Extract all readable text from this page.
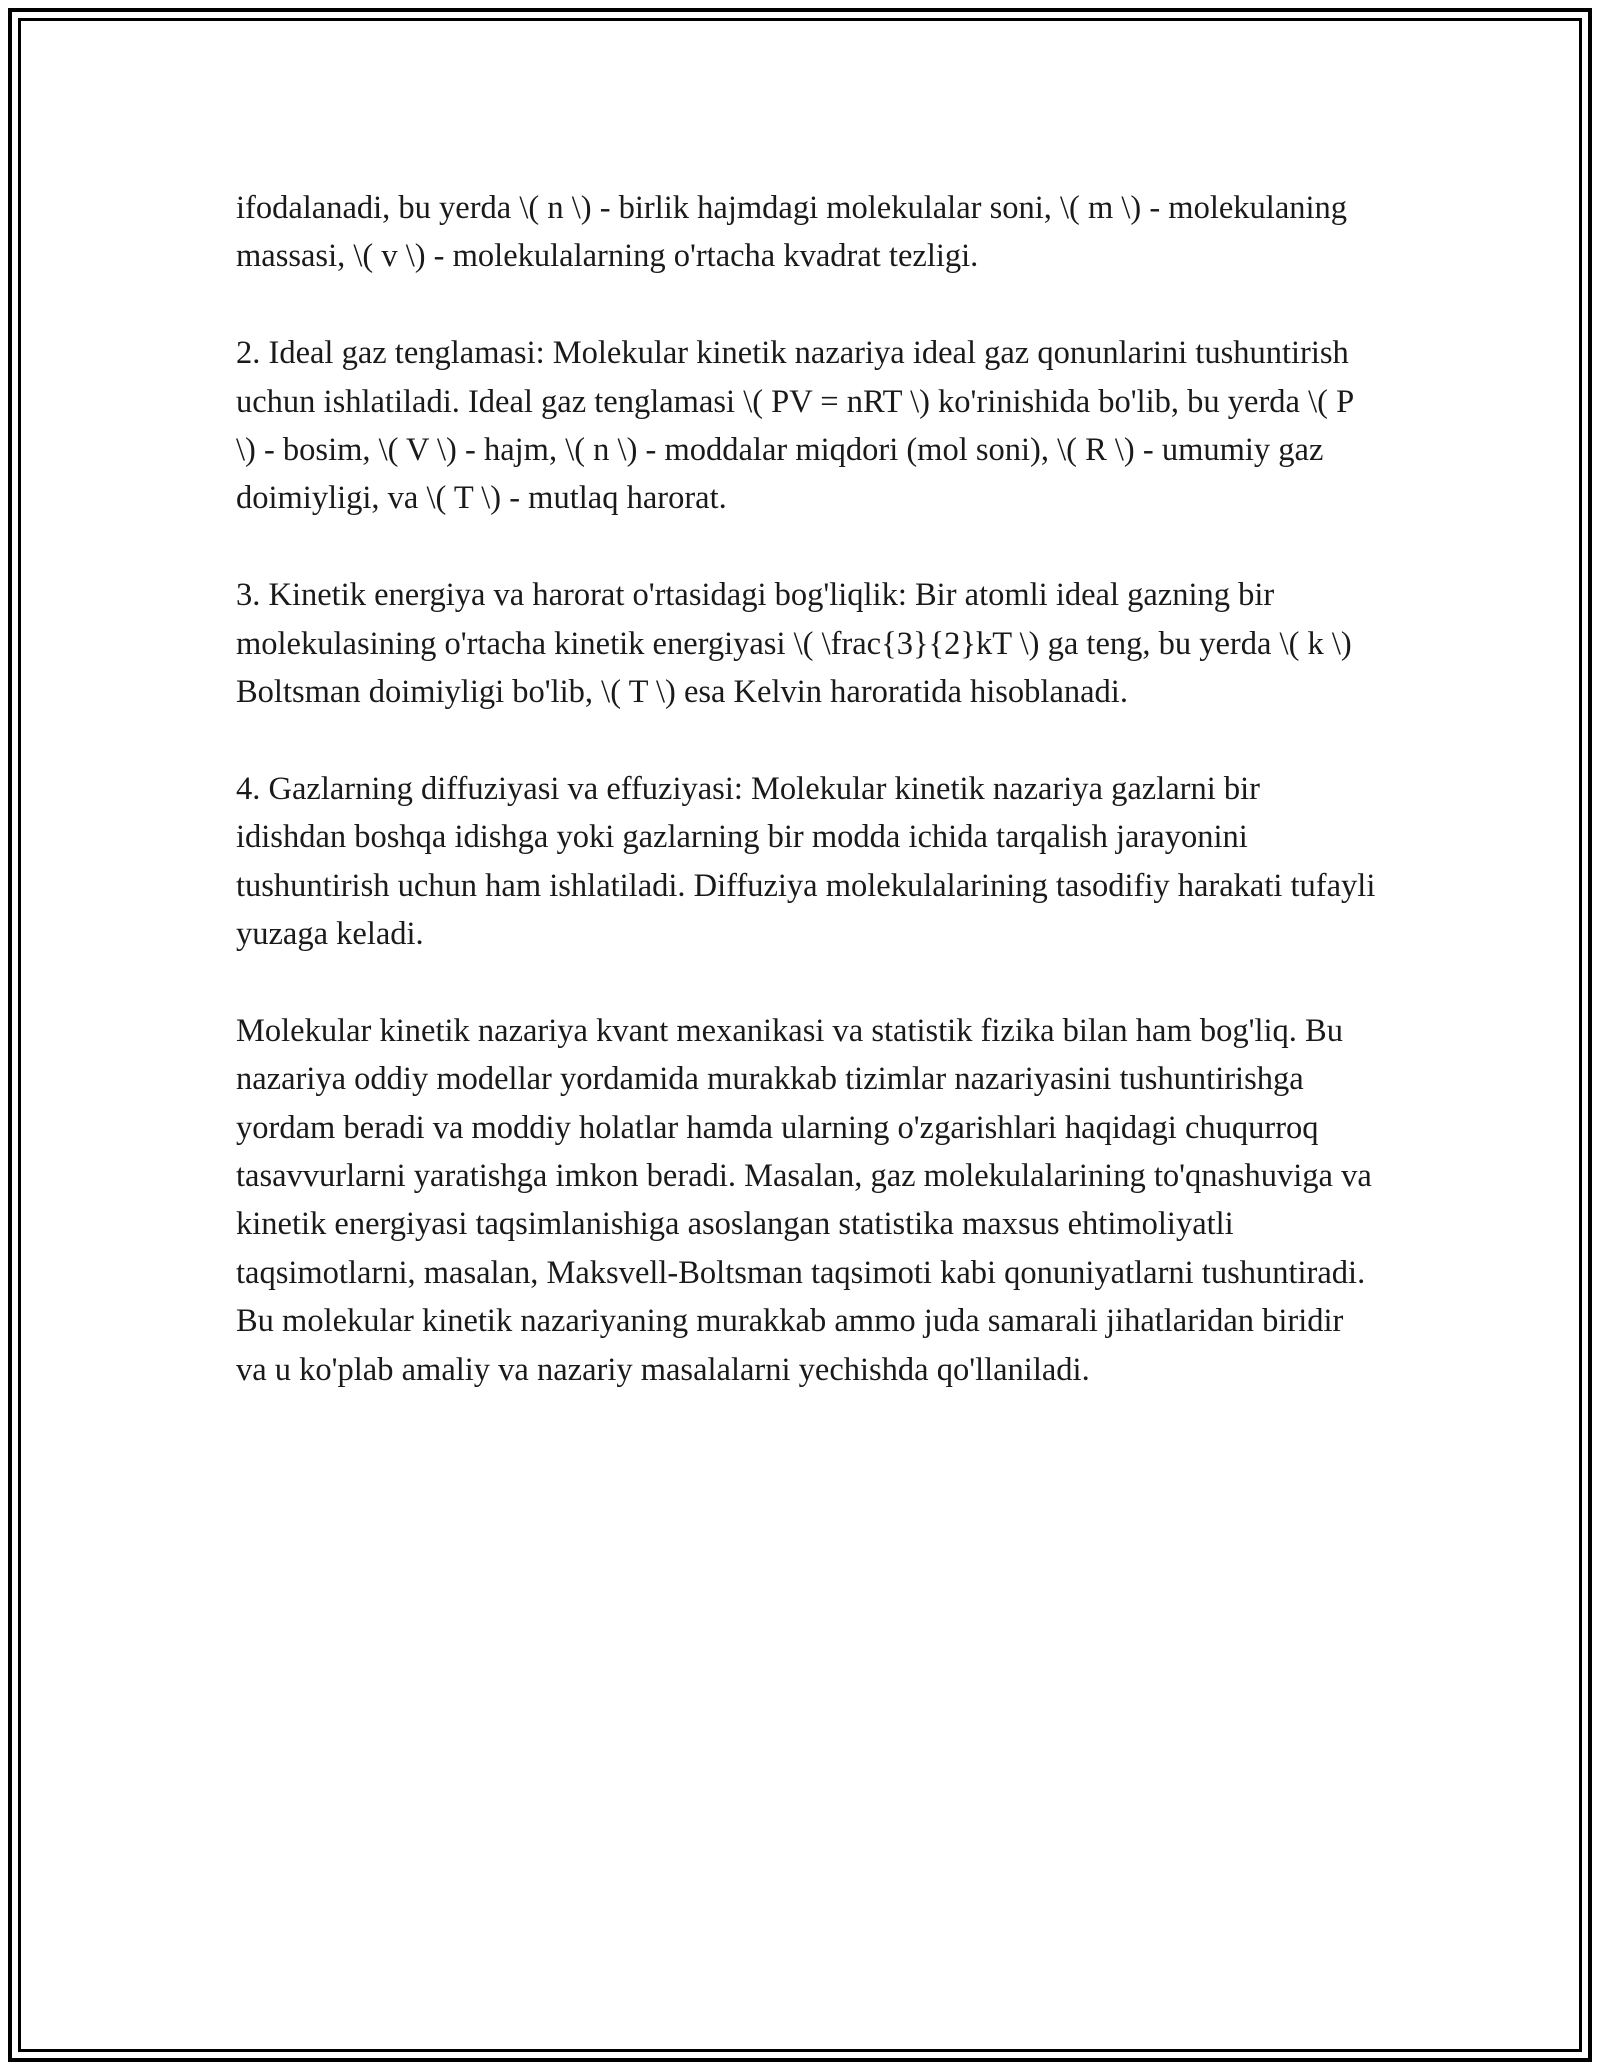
ifodalanadi, bu yerda \( n \) - birlik hajmdagi molekulalar soni, \( m \) - molekulaning massasi, \( v \) - molekulalarning o'rtacha kvadrat tezligi.

2. Ideal gaz tenglamasi: Molekular kinetik nazariya ideal gaz qonunlarini tushuntirish uchun ishlatiladi. Ideal gaz tenglamasi \( PV = nRT \) ko'rinishida bo'lib, bu yerda \( P \) - bosim, \( V \) - hajm, \( n \) - moddalar miqdori (mol soni), \( R \) - umumiy gaz doimiyligi, va \( T \) - mutlaq harorat.

3. Kinetik energiya va harorat o'rtasidagi bog'liqlik: Bir atomli ideal gazning bir molekulasining o'rtacha kinetik energiyasi \( \frac{3}{2}kT \) ga teng, bu yerda \( k \) Boltsman doimiyligi bo'lib, \( T \) esa Kelvin haroratida hisoblanadi.

4. Gazlarning diffuziyasi va effuziyasi: Molekular kinetik nazariya gazlarni bir idishdan boshqa idishga yoki gazlarning bir modda ichida tarqalish jarayonini tushuntirish uchun ham ishlatiladi. Diffuziya molekulalarining tasodifiy harakati tufayli yuzaga keladi.

Molekular kinetik nazariya kvant mexanikasi va statistik fizika bilan ham bog'liq. Bu nazariya oddiy modellar yordamida murakkab tizimlar nazariyasini tushuntirishga yordam beradi va moddiy holatlar hamda ularning o'zgarishlari haqidagi chuqurroq tasavvurlarni yaratishga imkon beradi. Masalan, gaz molekulalarining to'qnashuviga va kinetik energiyasi taqsimlanishiga asoslangan statistika maxsus ehtimoliyatli taqsimotlarni, masalan, Maksvell-Boltsman taqsimoti kabi qonuniyatlarni tushuntiradi. Bu molekular kinetik nazariyaning murakkab ammo juda samarali jihatlaridan biridir va u ko'plab amaliy va nazariy masalalarni yechishda qo'llaniladi.
